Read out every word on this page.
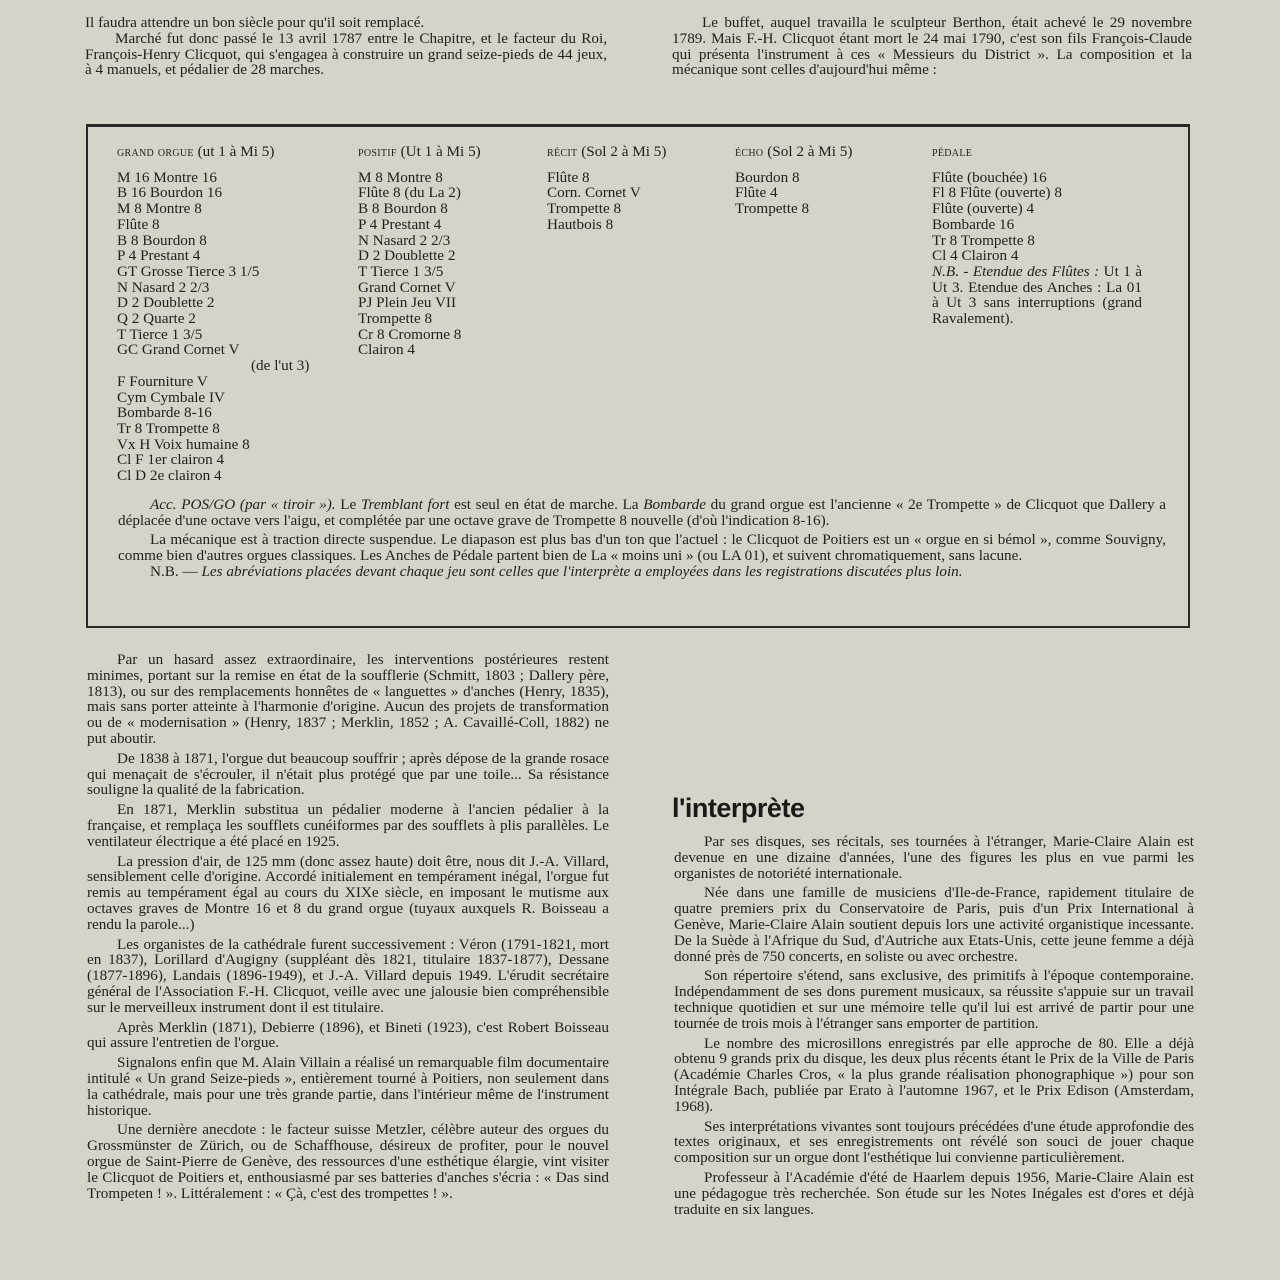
Il faudra attendre un bon siècle pour qu'il soit remplacé.

Marché fut donc passé le 13 avril 1787 entre le Chapitre, et le facteur du Roi, François-Henry Clicquot, qui s'engagea à construire un grand seize-pieds de 44 jeux, à 4 manuels, et pédalier de 28 marches.

Le buffet, auquel travailla le sculpteur Berthon, était achevé le 29 novembre 1789. Mais F.-H. Clicquot étant mort le 24 mai 1790, c'est son fils François-Claude qui présenta l'instrument à ces « Messieurs du District ». La composition et la mécanique sont celles d'aujourd'hui même :

grand orgue (ut 1 à Mi 5)
M 16 Montre 16
B 16 Bourdon 16
M 8 Montre 8
Flûte 8
B 8 Bourdon 8
P 4 Prestant 4
GT Grosse Tierce 3 1/5
N Nasard 2 2/3
D 2 Doublette 2
Q 2 Quarte 2
T Tierce 1 3/5
GC Grand Cornet V
(de l'ut 3)
F Fourniture V
Cym Cymbale IV
Bombarde 8-16
Tr 8 Trompette 8
Vx H Voix humaine 8
Cl F 1er clairon 4
Cl D 2e clairon 4
positif (Ut 1 à Mi 5)
M 8 Montre 8
Flûte 8 (du La 2)
B 8 Bourdon 8
P 4 Prestant 4
N Nasard 2 2/3
D 2 Doublette 2
T Tierce 1 3/5
Grand Cornet V
PJ Plein Jeu VII
Trompette 8
Cr 8 Cromorne 8
Clairon 4
récit (Sol 2 à Mi 5)
Flûte 8
Corn. Cornet V
Trompette 8
Hautbois 8
écho (Sol 2 à Mi 5)
Bourdon 8
Flûte 4
Trompette 8
pédale
Flûte (bouchée) 16
Fl 8 Flûte (ouverte) 8
Flûte (ouverte) 4
Bombarde 16
Tr 8 Trompette 8
Cl 4 Clairon 4
N.B. - Etendue des Flûtes : Ut 1 à Ut 3. Etendue des Anches : La 01 à Ut 3 sans interruptions (grand Ravalement).

Acc. POS/GO (par « tiroir »). Le Tremblant fort est seul en état de marche. La Bombarde du grand orgue est l'ancienne « 2e Trompette » de Clicquot que Dallery a déplacée d'une octave vers l'aigu, et complétée par une octave grave de Trompette 8 nouvelle (d'où l'indication 8-16).

La mécanique est à traction directe suspendue. Le diapason est plus bas d'un ton que l'actuel : le Clicquot de Poitiers est un « orgue en si bémol », comme Souvigny, comme bien d'autres orgues classiques. Les Anches de Pédale partent bien de La « moins uni » (ou LA 01), et suivent chromatiquement, sans lacune.

N.B. — Les abréviations placées devant chaque jeu sont celles que l'interprète a employées dans les registrations discutées plus loin.

Par un hasard assez extraordinaire, les interventions postérieures restent minimes, portant sur la remise en état de la soufflerie (Schmitt, 1803 ; Dallery père, 1813), ou sur des remplacements honnêtes de « languettes » d'anches (Henry, 1835), mais sans porter atteinte à l'harmonie d'origine. Aucun des projets de transformation ou de « modernisation » (Henry, 1837 ; Merklin, 1852 ; A. Cavaillé-Coll, 1882) ne put aboutir.

De 1838 à 1871, l'orgue dut beaucoup souffrir ; après dépose de la grande rosace qui menaçait de s'écrouler, il n'était plus protégé que par une toile... Sa résistance souligne la qualité de la fabrication.

En 1871, Merklin substitua un pédalier moderne à l'ancien pédalier à la française, et remplaça les soufflets cunéiformes par des soufflets à plis parallèles. Le ventilateur électrique a été placé en 1925.

La pression d'air, de 125 mm (donc assez haute) doit être, nous dit J.-A. Villard, sensiblement celle d'origine. Accordé initialement en tempérament inégal, l'orgue fut remis au tempérament égal au cours du XIXe siècle, en imposant le mutisme aux octaves graves de Montre 16 et 8 du grand orgue (tuyaux auxquels R. Boisseau a rendu la parole...)

Les organistes de la cathédrale furent successivement : Véron (1791-1821, mort en 1837), Lorillard d'Augigny (suppléant dès 1821, titulaire 1837-1877), Dessane (1877-1896), Landais (1896-1949), et J.-A. Villard depuis 1949. L'érudit secrétaire général de l'Association F.-H. Clicquot, veille avec une jalousie bien compréhensible sur le merveilleux instrument dont il est titulaire.

Après Merklin (1871), Debierre (1896), et Bineti (1923), c'est Robert Boisseau qui assure l'entretien de l'orgue.

Signalons enfin que M. Alain Villain a réalisé un remarquable film documentaire intitulé « Un grand Seize-pieds », entièrement tourné à Poitiers, non seulement dans la cathédrale, mais pour une très grande partie, dans l'intérieur même de l'instrument historique.

Une dernière anecdote : le facteur suisse Metzler, célèbre auteur des orgues du Grossmünster de Zürich, ou de Schaffhouse, désireux de profiter, pour le nouvel orgue de Saint-Pierre de Genève, des ressources d'une esthétique élargie, vint visiter le Clicquot de Poitiers et, enthousiasmé par ses batteries d'anches s'écria : « Das sind Trompeten ! ». Littéralement : « Çà, c'est des trompettes ! ».

l'interprète

Par ses disques, ses récitals, ses tournées à l'étranger, Marie-Claire Alain est devenue en une dizaine d'années, l'une des figures les plus en vue parmi les organistes de notoriété internationale.

Née dans une famille de musiciens d'Ile-de-France, rapidement titulaire de quatre premiers prix du Conservatoire de Paris, puis d'un Prix International à Genève, Marie-Claire Alain soutient depuis lors une activité organistique incessante. De la Suède à l'Afrique du Sud, d'Autriche aux Etats-Unis, cette jeune femme a déjà donné près de 750 concerts, en soliste ou avec orchestre.

Son répertoire s'étend, sans exclusive, des primitifs à l'époque contemporaine. Indépendamment de ses dons purement musicaux, sa réussite s'appuie sur un travail technique quotidien et sur une mémoire telle qu'il lui est arrivé de partir pour une tournée de trois mois à l'étranger sans emporter de partition.

Le nombre des microsillons enregistrés par elle approche de 80. Elle a déjà obtenu 9 grands prix du disque, les deux plus récents étant le Prix de la Ville de Paris (Académie Charles Cros, « la plus grande réalisation phonographique ») pour son Intégrale Bach, publiée par Erato à l'automne 1967, et le Prix Edison (Amsterdam, 1968).

Ses interprétations vivantes sont toujours précédées d'une étude approfondie des textes originaux, et ses enregistrements ont révélé son souci de jouer chaque composition sur un orgue dont l'esthétique lui convienne particulièrement.

Professeur à l'Académie d'été de Haarlem depuis 1956, Marie-Claire Alain est une pédagogue très recherchée. Son étude sur les Notes Inégales est d'ores et déjà traduite en six langues.
